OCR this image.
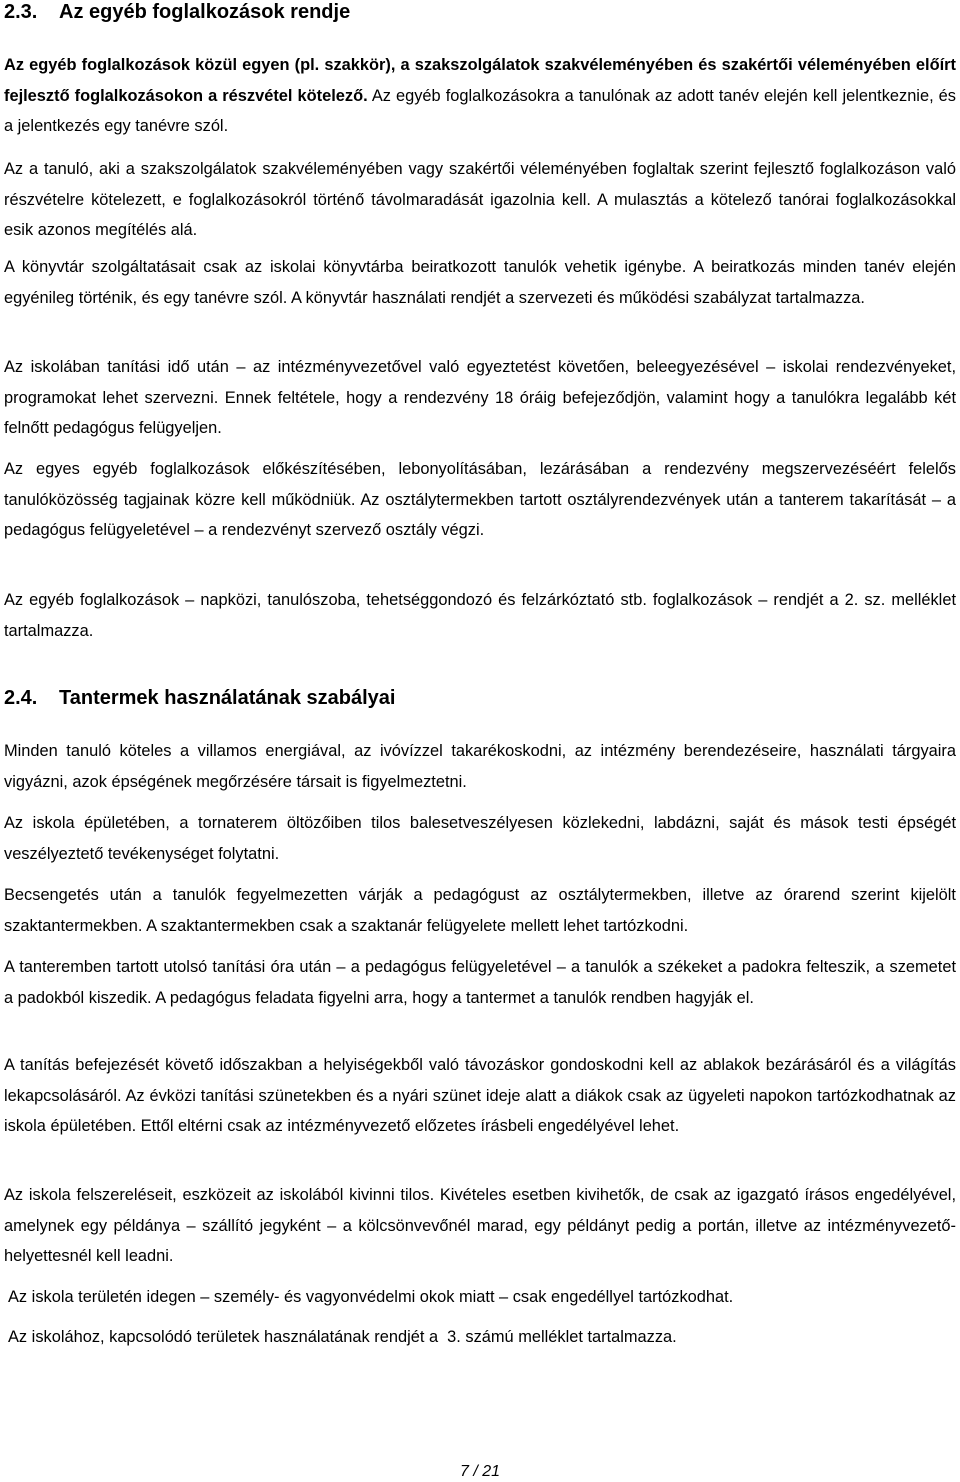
2.3.	Az egyéb foglalkozások rendje

Az egyéb foglalkozások közül egyen (pl. szakkör), a szakszolgálatok szakvéleményében és szakértői véleményében előírt fejlesztő foglalkozásokon a részvétel kötelező. Az egyéb foglalkozásokra a tanulónak az adott tanév elején kell jelentkeznie, és a jelentkezés egy tanévre szól.

Az a tanuló, aki a szakszolgálatok szakvéleményében vagy szakértői véleményében foglaltak szerint fejlesztő foglalkozáson való részvételre kötelezett, e foglalkozásokról történő távolmaradását igazolnia kell. A mulasztás a kötelező tanórai foglalkozásokkal esik azonos megítélés alá.

A könyvtár szolgáltatásait csak az iskolai könyvtárba beiratkozott tanulók vehetik igénybe. A beiratkozás minden tanév elején egyénileg történik, és egy tanévre szól. A könyvtár használati rendjét a szervezeti és működési szabályzat tartalmazza.

Az iskolában tanítási idő után – az intézményvezetővel való egyeztetést követően, beleegyezésével – iskolai rendezvényeket, programokat lehet szervezni. Ennek feltétele, hogy a rendezvény 18 óráig befejeződjön, valamint hogy a tanulókra legalább két felnőtt pedagógus felügyeljen.

Az egyes egyéb foglalkozások előkészítésében, lebonyolításában, lezárásában a rendezvény megszervezéséért felelős tanulóközösség tagjainak közre kell működniük. Az osztálytermekben tartott osztályrendezvények után a tanterem takarítását – a pedagógus felügyeletével – a rendezvényt szervező osztály végzi.

Az egyéb foglalkozások – napközi, tanulószoba, tehetséggondozó és felzárkóztató stb. foglalkozások – rendjét a 2. sz. melléklet tartalmazza.

2.4.	Tantermek használatának szabályai

Minden tanuló köteles a villamos energiával, az ivóvízzel takarékoskodni, az intézmény berendezéseire, használati tárgyaira vigyázni, azok épségének megőrzésére társait is figyelmeztetni.

Az iskola épületében, a tornaterem öltözőiben tilos balesetveszélyesen közlekedni, labdázni, saját és mások testi épségét veszélyeztető tevékenységet folytatni.

Becsengetés után a tanulók fegyelmezetten várják a pedagógust az osztálytermekben, illetve az órarend szerint kijelölt szaktantermekben. A szaktantermekben csak a szaktanár felügyelete mellett lehet tartózkodni.

A tanteremben tartott utolsó tanítási óra után – a pedagógus felügyeletével – a tanulók a székeket a padokra felteszik, a szemetet a padokból kiszedik. A pedagógus feladata figyelni arra, hogy a tantermet a tanulók rendben hagyják el.

A tanítás befejezését követő időszakban a helyiségekből való távozáskor gondoskodni kell az ablakok bezárásáról és a világítás lekapcsolásáról. Az évközi tanítási szünetekben és a nyári szünet ideje alatt a diákok csak az ügyeleti napokon tartózkodhatnak az iskola épületében. Ettől eltérni csak az intézményvezető előzetes írásbeli engedélyével lehet.

Az iskola felszereléseit, eszközeit az iskolából kivinni tilos. Kivételes esetben kivihetők, de csak az igazgató írásos engedélyével, amelynek egy példánya – szállító jegyként – a kölcsönvevőnél marad, egy példányt pedig a portán, illetve az intézményvezető-helyettesnél kell leadni.

Az iskola területén idegen – személy- és vagyonvédelmi okok miatt – csak engedéllyel tartózkodhat.

Az iskolához, kapcsolódó területek használatának rendjét a  3. számú melléklet tartalmazza.

7 / 21
